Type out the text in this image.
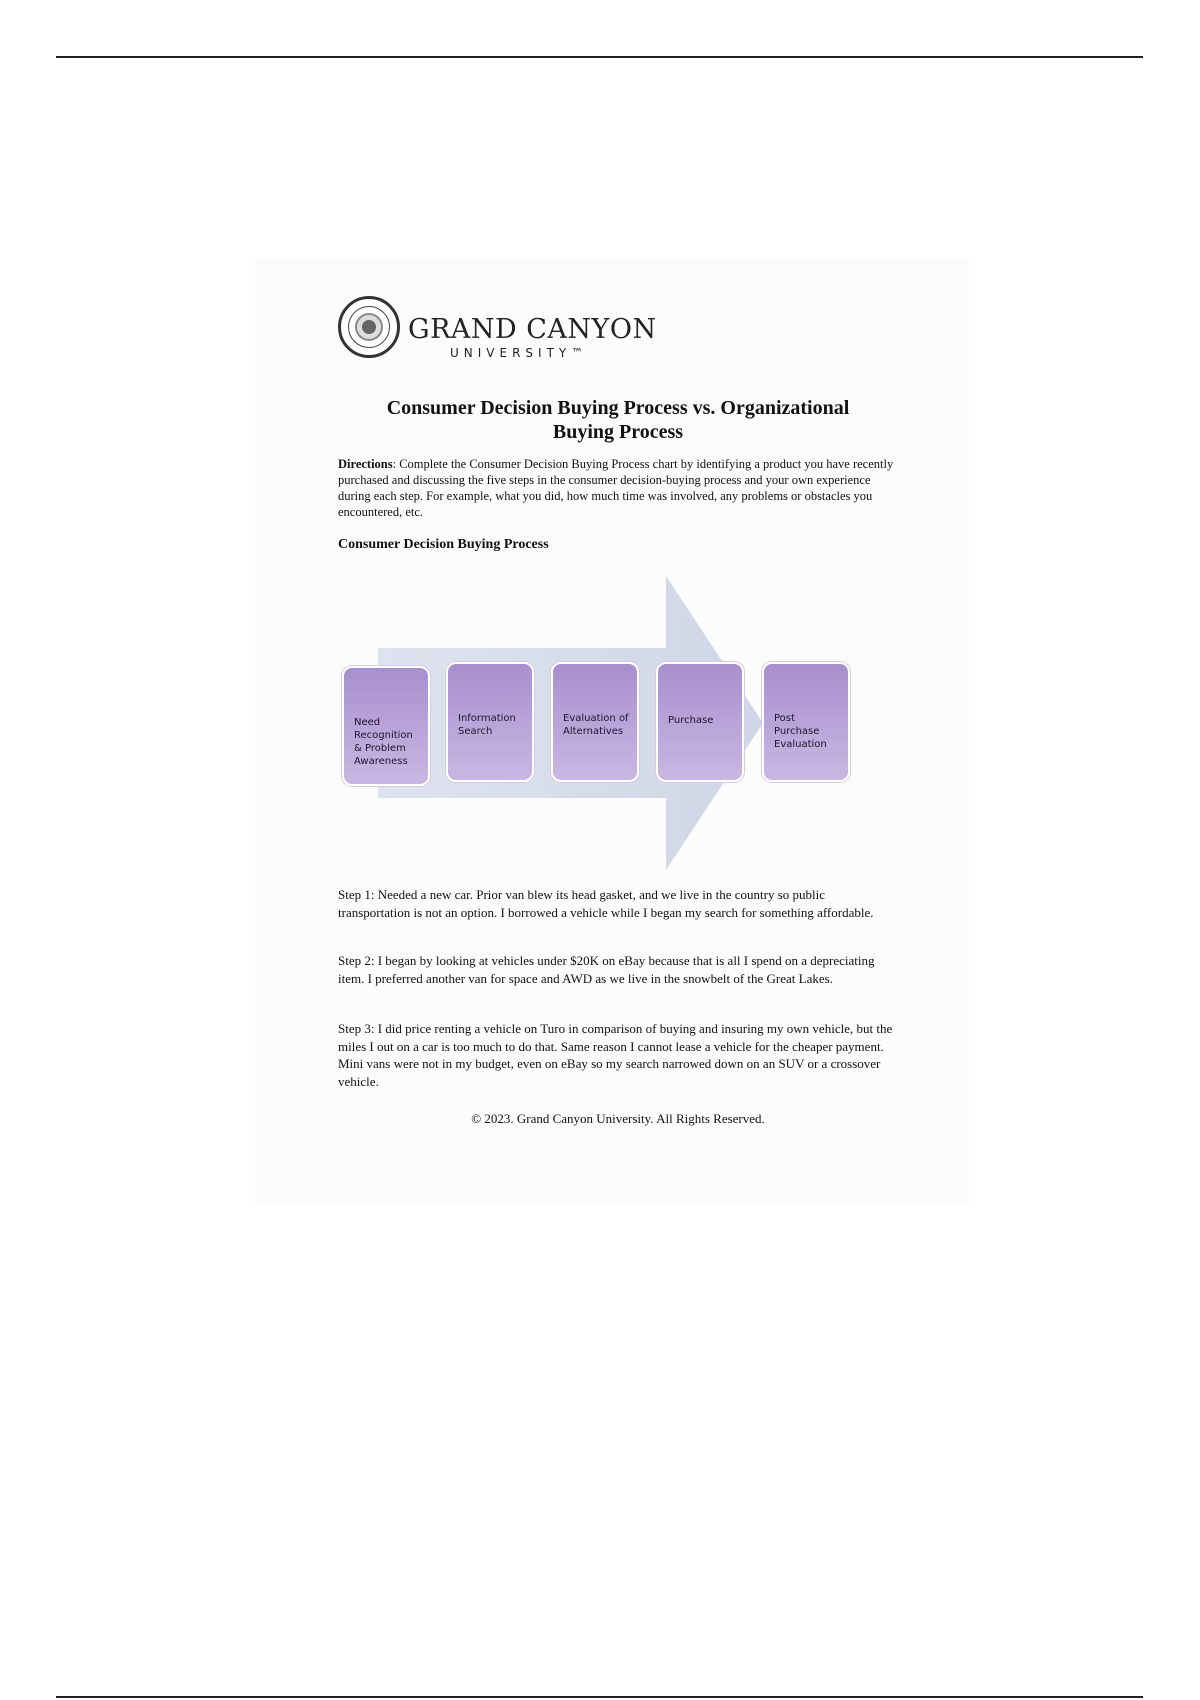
GRAND CANYON
UNIVERSITY™
Consumer Decision Buying Process vs. Organizational
Buying Process
Directions: Complete the Consumer Decision Buying Process chart by identifying a product you have recently purchased and discussing the five steps in the consumer decision-buying process and your own experience during each step. For example, what you did, how much time was involved, any problems or obstacles you encountered, etc.
Consumer Decision Buying Process
Need Recognition & Problem Awareness
Information Search
Evaluation of Alternatives
Purchase	Post Purchase Evaluation
Step 1: Needed a new car. Prior van blew its head gasket, and we live in the country so public transportation is not an option. I borrowed a vehicle while I began my search for something affordable.
Step 2: I began by looking at vehicles under $20K on eBay because that is all I spend on a depreciating item. I preferred another van for space and AWD as we live in the snowbelt of the Great Lakes.
Step 3: I did price renting a vehicle on Turo in comparison of buying and insuring my own vehicle, but the miles I out on a car is too much to do that. Same reason I cannot lease a vehicle for the cheaper payment. Mini vans were not in my budget, even on eBay so my search narrowed down on an SUV or a crossover vehicle.
© 2023. Grand Canyon University. All Rights Reserved.
